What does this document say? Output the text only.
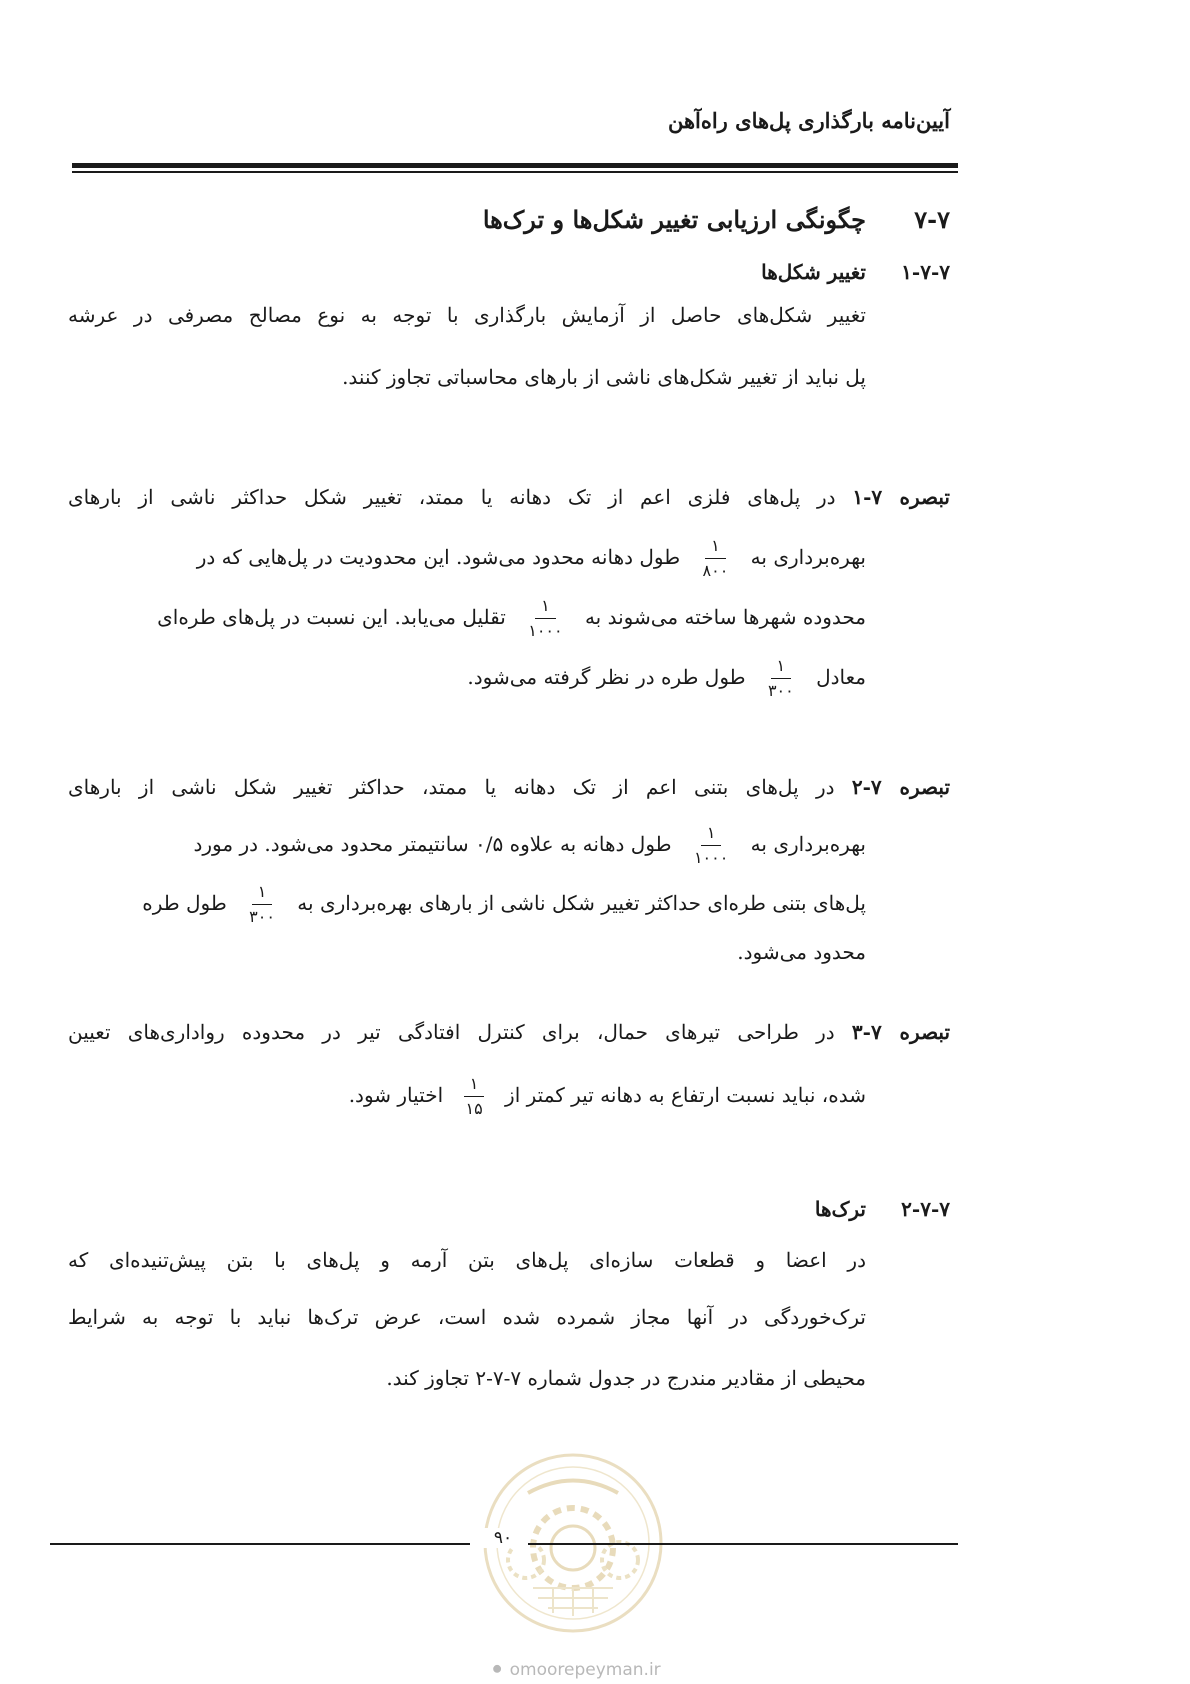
آیین‌نامه بارگذاری پل‌های راه‌آهن
۷-۷
چگونگی ارزیابی تغییر شکل‌ها و ترک‌ها
۱-۷-۷
تغییر شکل‌ها
تغییر شکل‌های حاصل از آزمایش بارگذاری با توجه به نوع مصالح مصرفی در عرشه
پل نباید از تغییر شکل‌های ناشی از بارهای محاسباتی تجاوز کنند.
تبصره ۷-۱ در پل‌های فلزی اعم از تک دهانه یا ممتد، تغییر شکل حداکثر ناشی از بارهای
بهره‌برداری به
$\frac{۱}{۸۰۰}$
طول دهانه محدود می‌شود. این محدودیت در پل‌هایی که در
محدوده شهرها ساخته می‌شوند به
$\frac{۱}{۱۰۰۰}$
تقلیل می‌یابد. این نسبت در پل‌های طره‌ای
معادل
$\frac{۱}{۳۰۰}$
طول طره در نظر گرفته می‌شود.
تبصره ۷-۲ در پل‌های بتنی اعم از تک دهانه یا ممتد، حداکثر تغییر شکل ناشی از بارهای
بهره‌برداری به
$\frac{۱}{۱۰۰۰}$
طول دهانه به علاوه ۰/۵ سانتیمتر محدود می‌شود. در مورد
پل‌های بتنی طره‌ای حداکثر تغییر شکل ناشی از بارهای بهره‌برداری به
$\frac{۱}{۳۰۰}$
طول طره
محدود می‌شود.
تبصره ۷-۳ در طراحی تیرهای حمال، برای کنترل افتادگی تیر در محدوده رواداری‌های تعیین
شده، نباید نسبت ارتفاع به دهانه تیر کمتر از
$\frac{۱}{۱۵}$
اختیار شود.
۲-۷-۷
ترک‌ها
در اعضا و قطعات سازه‌ای پل‌های بتن آرمه و پل‌های با بتن پیش‌تنیده‌ای که
ترک‌خوردگی در آنها مجاز شمرده شده است، عرض ترک‌ها نباید با توجه به شرایط
محیطی از مقادیر مندرج در جدول شماره ۷-۷-۲ تجاوز کند.
۹۰
⚫︎ omoorepeyman.ir
